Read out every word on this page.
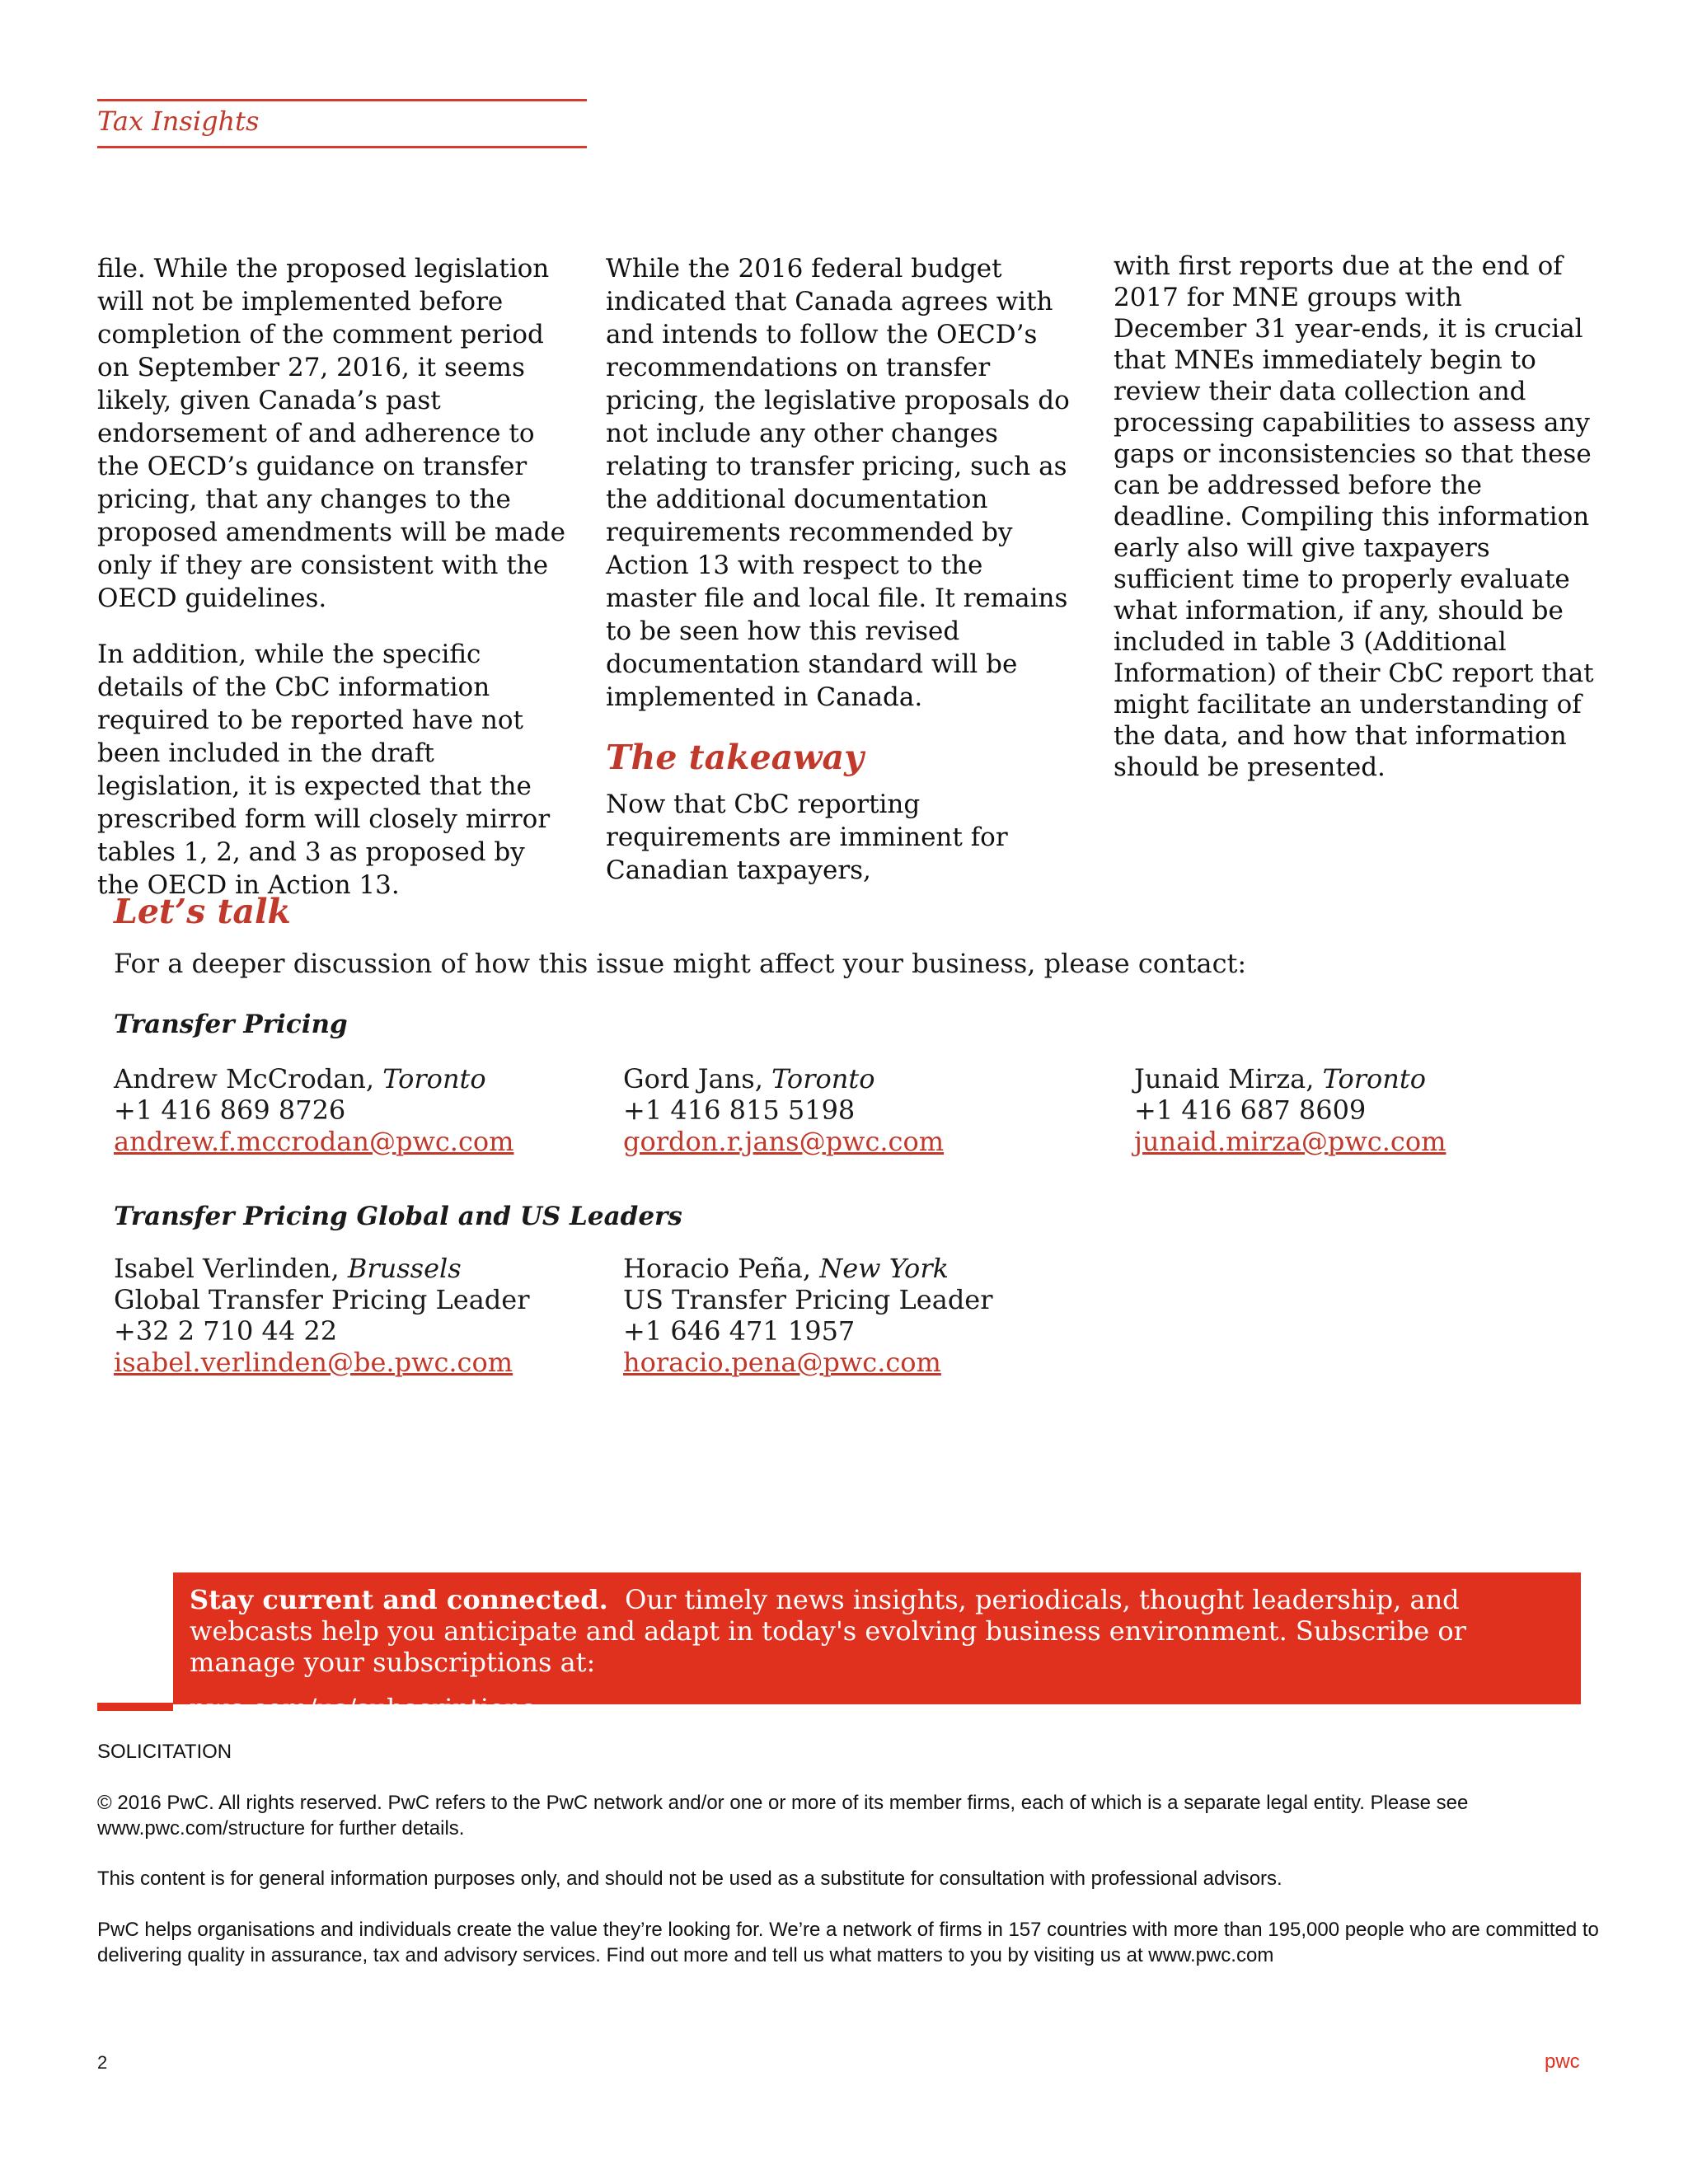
Tax Insights

file. While the proposed legislation will not be implemented before completion of the comment period on September 27, 2016, it seems likely, given Canada’s past endorsement of and adherence to the OECD’s guidance on transfer pricing, that any changes to the proposed amendments will be made only if they are consistent with the OECD guidelines.

In addition, while the specific details of the CbC information required to be reported have not been included in the draft legislation, it is expected that the prescribed form will closely mirror tables 1, 2, and 3 as proposed by the OECD in Action 13.

While the 2016 federal budget indicated that Canada agrees with and intends to follow the OECD’s recommendations on transfer pricing, the legislative proposals do not include any other changes relating to transfer pricing, such as the additional documentation requirements recommended by Action 13 with respect to the master file and local file. It remains to be seen how this revised documentation standard will be implemented in Canada.

The takeaway

Now that CbC reporting requirements are imminent for Canadian taxpayers,

with first reports due at the end of 2017 for MNE groups with December 31 year-ends, it is crucial that MNEs immediately begin to review their data collection and processing capabilities to assess any gaps or inconsistencies so that these can be addressed before the deadline. Compiling this information early also will give taxpayers sufficient time to properly evaluate what information, if any, should be included in table 3 (Additional Information) of their CbC report that might facilitate an understanding of the data, and how that information should be presented.

Let’s talk
For a deeper discussion of how this issue might affect your business, please contact:
Transfer Pricing
Andrew McCrodan, Toronto
+1 416 869 8726
andrew.f.mccrodan@pwc.com
Gord Jans, Toronto
+1 416 815 5198
gordon.r.jans@pwc.com
Junaid Mirza, Toronto
+1 416 687 8609
junaid.mirza@pwc.com
Transfer Pricing Global and US Leaders
Isabel Verlinden, Brussels
Global Transfer Pricing Leader
+32 2 710 44 22
isabel.verlinden@be.pwc.com
Horacio Peña, New York
US Transfer Pricing Leader
+1 646 471 1957
horacio.pena@pwc.com
Stay current and connected. Our timely news insights, periodicals, thought leadership, and webcasts help you anticipate and adapt in today's evolving business environment. Subscribe or manage your subscriptions at:
pwc.com/us/subscriptions
SOLICITATION
© 2016 PwC. All rights reserved. PwC refers to the PwC network and/or one or more of its member firms, each of which is a separate legal entity. Please see www.pwc.com/structure for further details.
This content is for general information purposes only, and should not be used as a substitute for consultation with professional advisors.
PwC helps organisations and individuals create the value they’re looking for. We’re a network of firms in 157 countries with more than 195,000 people who are committed to delivering quality in assurance, tax and advisory services. Find out more and tell us what matters to you by visiting us at www.pwc.com
2	pwc
